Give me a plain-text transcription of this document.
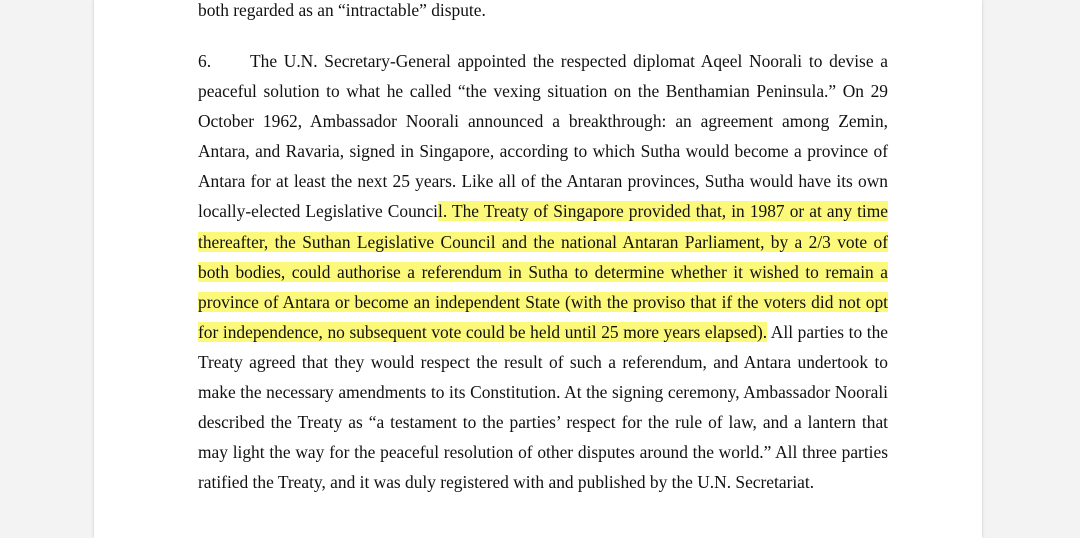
both regarded as an “intractable” dispute.
6. The U.N. Secretary-General appointed the respected diplomat Aqeel Noorali to devise a
peaceful solution to what he called “the vexing situation on the Benthamian Peninsula.” On 29
October 1962, Ambassador Noorali announced a breakthrough: an agreement among Zemin,
Antara, and Ravaria, signed in Singapore, according to which Sutha would become a province of
Antara for at least the next 25 years. Like all of the Antaran provinces, Sutha would have its own
locally-elected Legislative Council. The Treaty of Singapore provided that, in 1987 or at any time
thereafter, the Suthan Legislative Council and the national Antaran Parliament, by a 2/3 vote of
both bodies, could authorise a referendum in Sutha to determine whether it wished to remain a
province of Antara or become an independent State (with the proviso that if the voters did not opt
for independence, no subsequent vote could be held until 25 more years elapsed). All parties to the
Treaty agreed that they would respect the result of such a referendum, and Antara undertook to
make the necessary amendments to its Constitution. At the signing ceremony, Ambassador Noorali
described the Treaty as “a testament to the parties’ respect for the rule of law, and a lantern that
may light the way for the peaceful resolution of other disputes around the world.” All three parties
ratified the Treaty, and it was duly registered with and published by the U.N. Secretariat.
